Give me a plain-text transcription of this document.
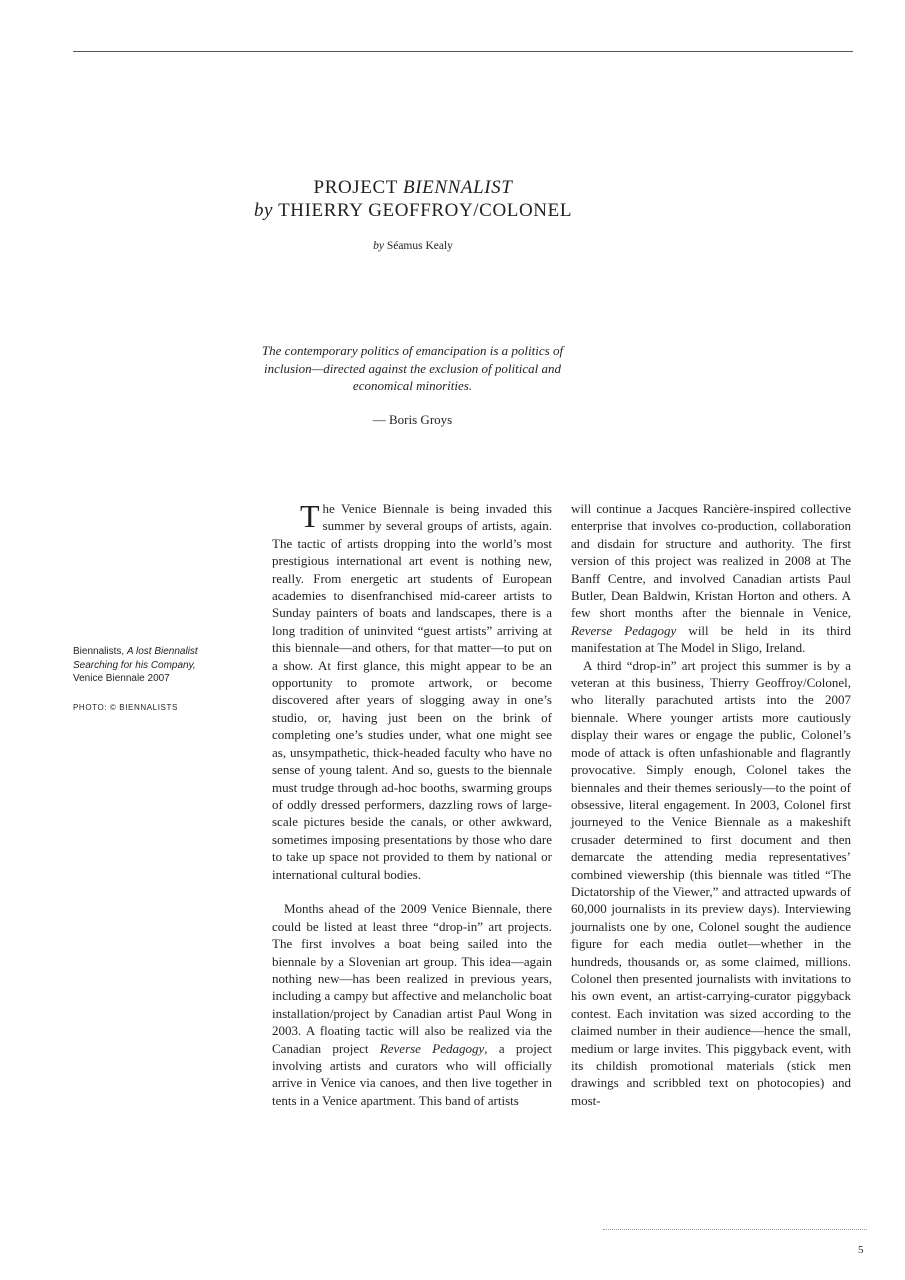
PROJECT BIENNALIST
by THIERRY GEOFFROY/COLONEL
by Séamus Kealy
The contemporary politics of emancipation is a politics of inclusion—directed against the exclusion of political and economical minorities.
— Boris Groys
Biennalists, A lost Biennalist Searching for his Company,
Venice Biennale 2007
PHOTO: © BIENNALISTS

The Venice Biennale is being invaded this summer by several groups of artists, again. The tactic of artists dropping into the world’s most prestigious international art event is nothing new, really. From energetic art students of European academies to disenfranchised mid-career artists to Sunday painters of boats and landscapes, there is a long tradition of uninvited “guest artists” arriving at this biennale—and others, for that matter—to put on a show. At first glance, this might appear to be an opportunity to promote artwork, or become discovered after years of slogging away in one’s studio, or, having just been on the brink of completing one’s studies under, what one might see as, unsympathetic, thick-headed faculty who have no sense of young talent. And so, guests to the biennale must trudge through ad-hoc booths, swarming groups of oddly dressed performers, dazzling rows of large-scale pictures beside the canals, or other awkward, sometimes imposing presentations by those who dare to take up space not provided to them by national or international cultural bodies.

Months ahead of the 2009 Venice Biennale, there could be listed at least three “drop-in” art projects. The first involves a boat being sailed into the biennale by a Slovenian art group. This idea—again nothing new—has been realized in previous years, including a campy but affective and melancholic boat installation/project by Canadian artist Paul Wong in 2003. A floating tactic will also be realized via the Canadian project Reverse Pedagogy, a project involving artists and curators who will officially arrive in Venice via canoes, and then live together in tents in a Venice apartment. This band of artists

will continue a Jacques Rancière-inspired collective enterprise that involves co-production, collaboration and disdain for structure and authority. The first version of this project was realized in 2008 at The Banff Centre, and involved Canadian artists Paul Butler, Dean Baldwin, Kristan Horton and others. A few short months after the biennale in Venice, Reverse Pedagogy will be held in its third manifestation at The Model in Sligo, Ireland.

A third “drop-in” art project this summer is by a veteran at this business, Thierry Geoffroy/Colonel, who literally parachuted artists into the 2007 biennale. Where younger artists more cautiously display their wares or engage the public, Colonel’s mode of attack is often unfashionable and flagrantly provocative. Simply enough, Colonel takes the biennales and their themes seriously—to the point of obsessive, literal engagement. In 2003, Colonel first journeyed to the Venice Biennale as a makeshift crusader determined to first document and then demarcate the attending media representatives’ combined viewership (this biennale was titled “The Dictatorship of the Viewer,” and attracted upwards of 60,000 journalists in its preview days). Interviewing journalists one by one, Colonel sought the audience figure for each media outlet—whether in the hundreds, thousands or, as some claimed, millions. Colonel then presented journalists with invitations to his own event, an artist-carrying-curator piggyback contest. Each invitation was sized according to the claimed number in their audience—hence the small, medium or large invites. This piggyback event, with its childish promotional materials (stick men drawings and scribbled text on photocopies) and most-

5
